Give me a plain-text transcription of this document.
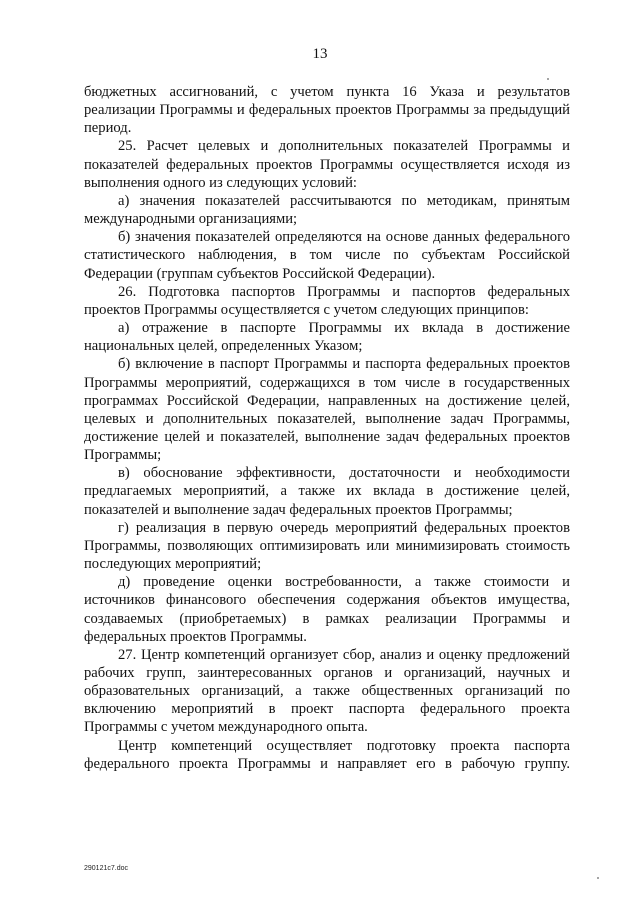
13

бюджетных ассигнований, с учетом пункта 16 Указа и результатов реализации Программы и федеральных проектов Программы за предыдущий период.

25. Расчет целевых и дополнительных показателей Программы и показателей федеральных проектов Программы осуществляется исходя из выполнения одного из следующих условий:

а) значения показателей рассчитываются по методикам, принятым международными организациями;

б) значения показателей определяются на основе данных федерального статистического наблюдения, в том числе по субъектам Российской Федерации (группам субъектов Российской Федерации).

26. Подготовка паспортов Программы и паспортов федеральных проектов Программы осуществляется с учетом следующих принципов:

а) отражение в паспорте Программы их вклада в достижение национальных целей, определенных Указом;

б) включение в паспорт Программы и паспорта федеральных проектов Программы мероприятий, содержащихся в том числе в государственных программах Российской Федерации, направленных на достижение целей, целевых и дополнительных показателей, выполнение задач Программы, достижение целей и показателей, выполнение задач федеральных проектов Программы;

в) обоснование эффективности, достаточности и необходимости предлагаемых мероприятий, а также их вклада в достижение целей, показателей и выполнение задач федеральных проектов Программы;

г) реализация в первую очередь мероприятий федеральных проектов Программы, позволяющих оптимизировать или минимизировать стоимость последующих мероприятий;

д) проведение оценки востребованности, а также стоимости и источников финансового обеспечения содержания объектов имущества, создаваемых (приобретаемых) в рамках реализации Программы и федеральных проектов Программы.

27. Центр компетенций организует сбор, анализ и оценку предложений рабочих групп, заинтересованных органов и организаций, научных и образовательных организаций, а также общественных организаций по включению мероприятий в проект паспорта федерального проекта Программы с учетом международного опыта.

Центр компетенций осуществляет подготовку проекта паспорта федерального проекта Программы и направляет его в рабочую группу.

290121c7.doc
